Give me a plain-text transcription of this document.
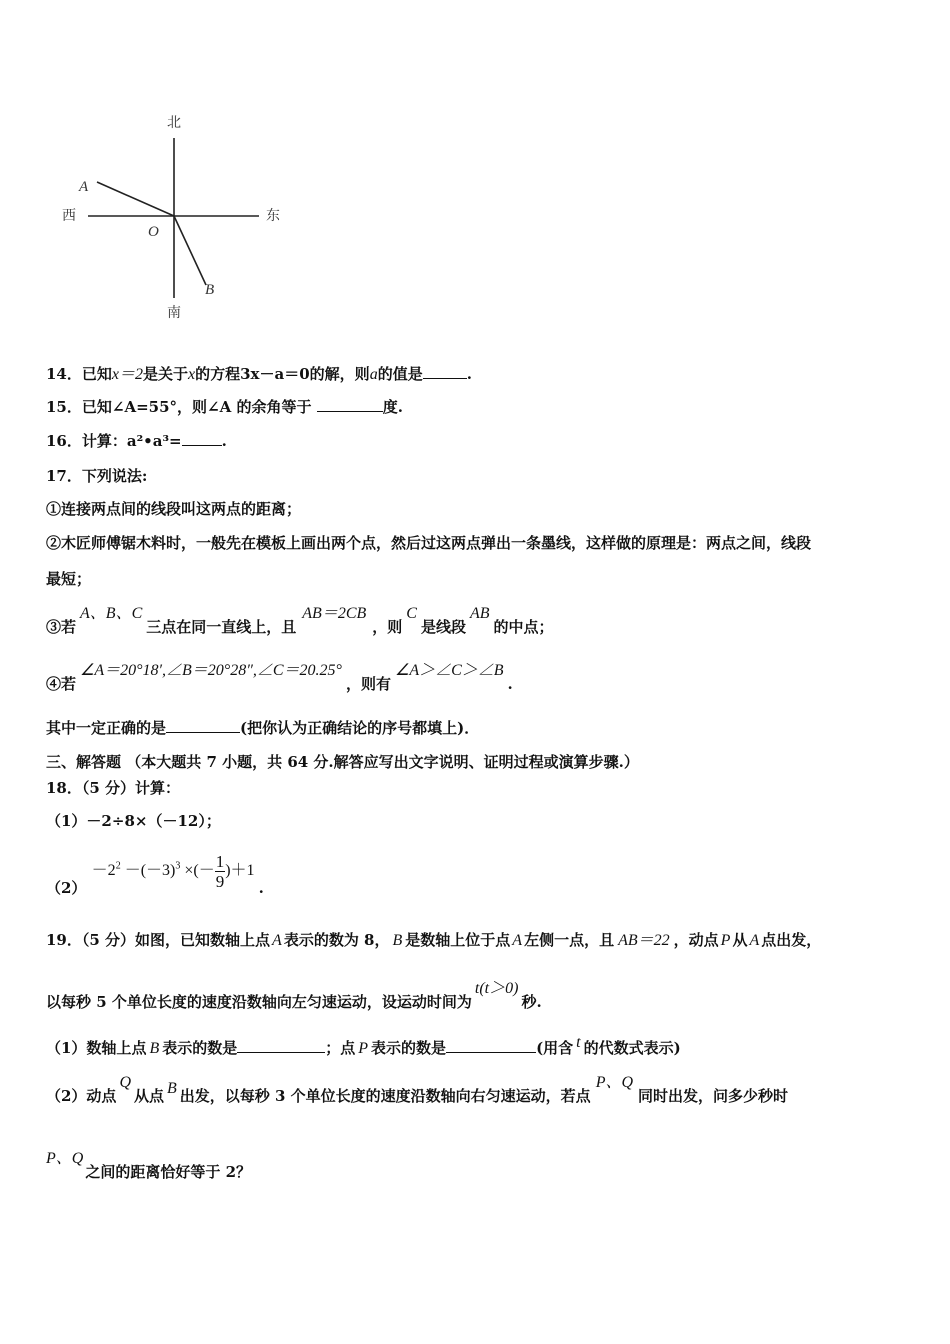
北
南
西	东
A
O
B
14．已知x＝2是关于x的方程3x－a＝0的解，则a的值是	.
15．已知∠A=55°，则∠A 的余角等于	度.
16．计算：a²•a³=	.
17．下列说法:
①连接两点间的线段叫这两点的距离；
②木匠师傅锯木料时，一般先在模板上画出两个点，然后过这两点弹出一条墨线，这样做的原理是：两点之间，线段
最短；
③若A、B、C三点在同一直线上，且AB＝2CB，则C是线段AB的中点；
④若∠A＝20°18′,∠B＝20°28″,∠C＝20.25°，则有∠A＞∠C＞∠B.
其中一定正确的是	(把你认为正确结论的序号都填上)．
三、解答题 （本大题共 7 小题，共 64 分.解答应写出文字说明、证明过程或演算步骤.）
18．（5 分）计算：
（1）－2÷8×（－12）；
$(2) -2^2 -(-3)^3$ ×(－ $\frac{1}{9} )+1$ .
19．（5 分）如图，已知数轴上点 A 表示的数为 8， B 是数轴上位于点 A 左侧一点，且 AB＝22 ，动点 P 从 A 点出发，
以每秒 5 个单位长度的速度沿数轴向左匀速运动，设运动时间为t(t＞0)秒.
（1）数轴上点 B 表示的数是	；点 P 表示的数是	(用含 t 的代数式表示)
（2）动点Q从点 B 出发，以每秒 3 个单位长度的速度沿数轴向右匀速运动，若点P、Q同时出发，问多少秒时
P、Q之间的距离恰好等于 2？
